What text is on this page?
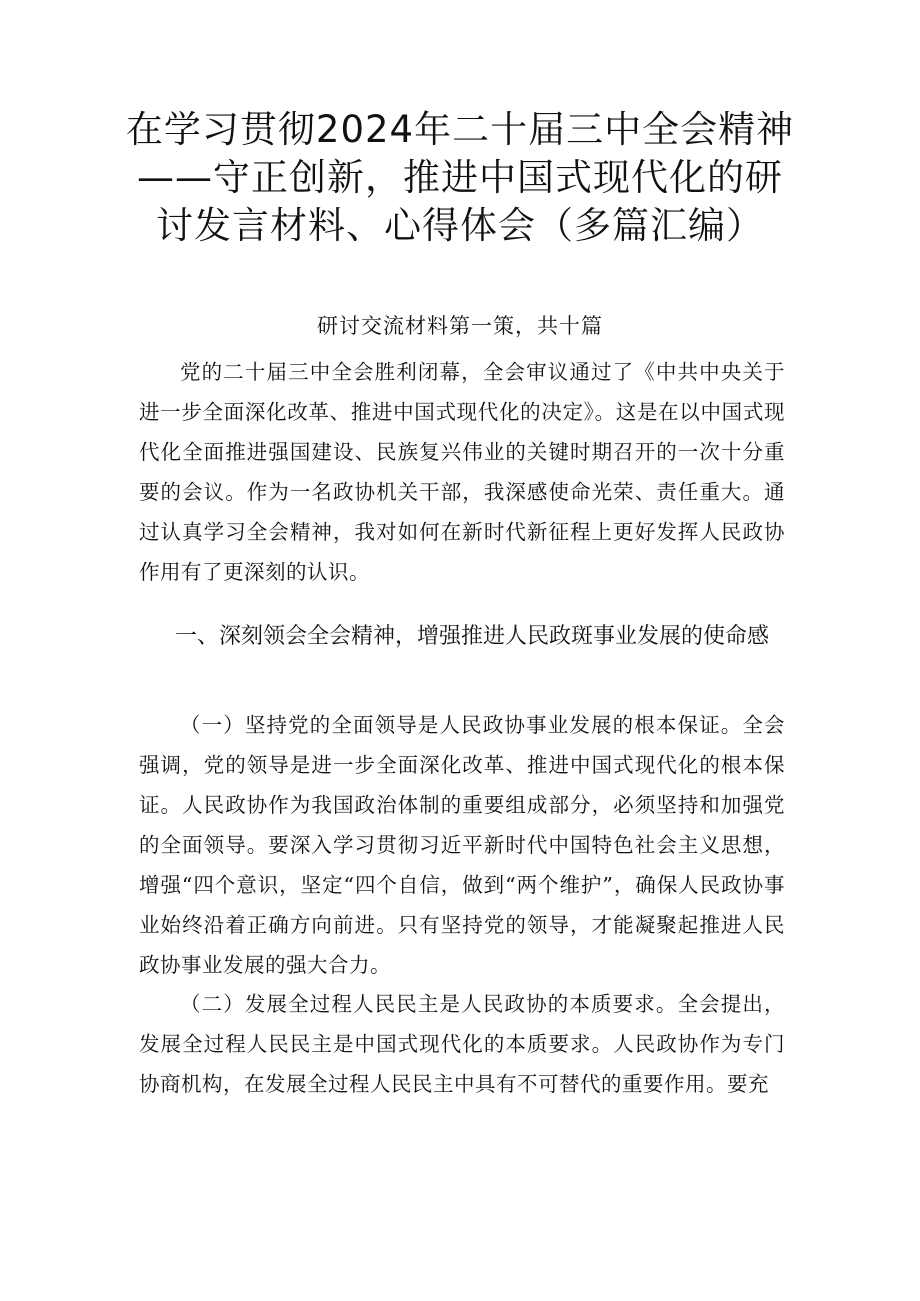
在学习贯彻2024年二十届三中全会精神——守正创新，推进中国式现代化的研讨发言材料、心得体会（多篇汇编）
研讨交流材料第一策，共十篇

党的二十届三中全会胜利闭幕，全会审议通过了《中共中央关于进一步全面深化改革、推进中国式现代化的决定》。这是在以中国式现代化全面推进强国建设、民族复兴伟业的关键时期召开的一次十分重要的会议。作为一名政协机关干部，我深感使命光荣、责任重大。通过认真学习全会精神，我对如何在新时代新征程上更好发挥人民政协作用有了更深刻的认识。

一、深刻领会全会精神，增强推进人民政斑事业发展的使命感

（一）坚持党的全面领导是人民政协事业发展的根本保证。全会强调，党的领导是进一步全面深化改革、推进中国式现代化的根本保证。人民政协作为我国政治体制的重要组成部分，必须坚持和加强党的全面领导。要深入学习贯彻习近平新时代中国特色社会主义思想，增强“四个意识，坚定“四个自信，做到“两个维护”，确保人民政协事业始终沿着正确方向前进。只有坚持党的领导，才能凝聚起推进人民政协事业发展的强大合力。

（二）发展全过程人民民主是人民政协的本质要求。全会提出，发展全过程人民民主是中国式现代化的本质要求。人民政协作为专门协商机构，在发展全过程人民民主中具有不可替代的重要作用。要充
